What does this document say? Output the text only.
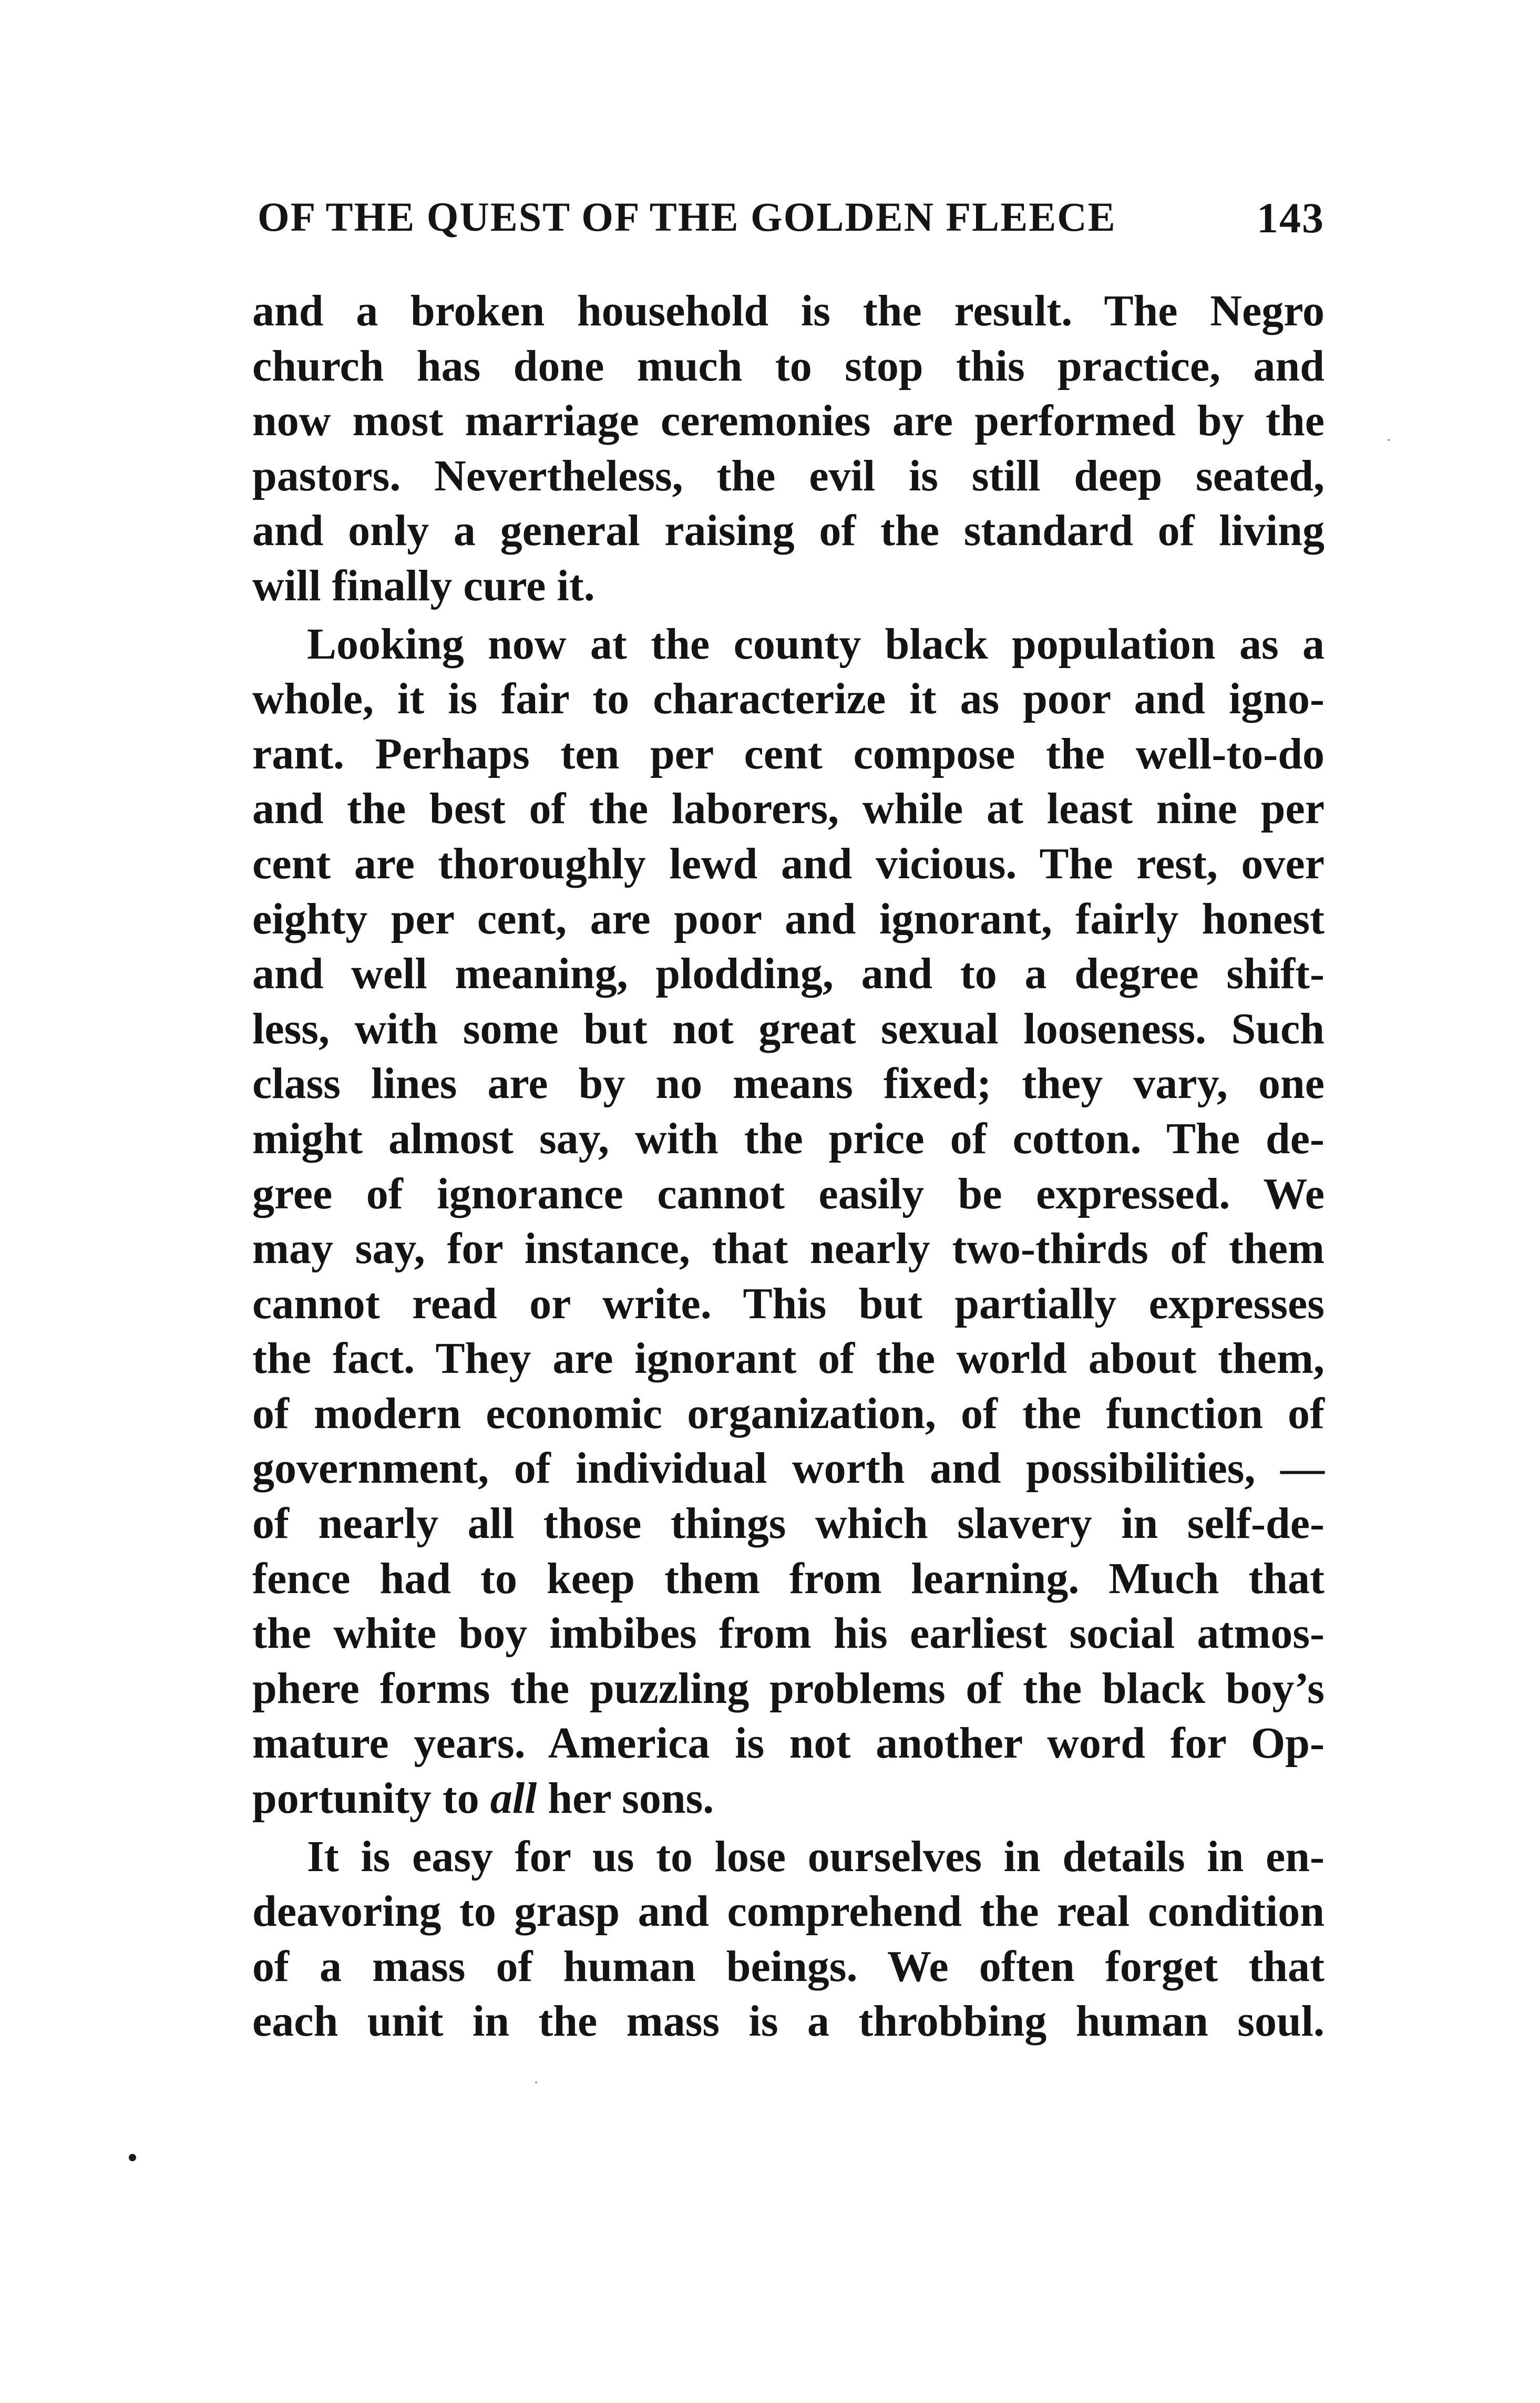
OF THE QUEST OF THE GOLDEN FLEECE	143
and a broken household is the result. The Negro
church has done much to stop this practice, and
now most marriage ceremonies are performed by the
pastors. Nevertheless, the evil is still deep seated,
and only a general raising of the standard of living
will finally cure it.
Looking now at the county black population as a
whole, it is fair to characterize it as poor and igno-
rant. Perhaps ten per cent compose the well-to-do
and the best of the laborers, while at least nine per
cent are thoroughly lewd and vicious. The rest, over
eighty per cent, are poor and ignorant, fairly honest
and well meaning, plodding, and to a degree shift-
less, with some but not great sexual looseness. Such
class lines are by no means fixed; they vary, one
might almost say, with the price of cotton. The de-
gree of ignorance cannot easily be expressed. We
may say, for instance, that nearly two-thirds of them
cannot read or write. This but partially expresses
the fact. They are ignorant of the world about them,
of modern economic organization, of the function of
government, of individual worth and possibilities, —
of nearly all those things which slavery in self-de-
fence had to keep them from learning. Much that
the white boy imbibes from his earliest social atmos-
phere forms the puzzling problems of the black boy’s
mature years. America is not another word for Op-
portunity to all her sons.
It is easy for us to lose ourselves in details in en-
deavoring to grasp and comprehend the real condition
of a mass of human beings. We often forget that
each unit in the mass is a throbbing human soul.
